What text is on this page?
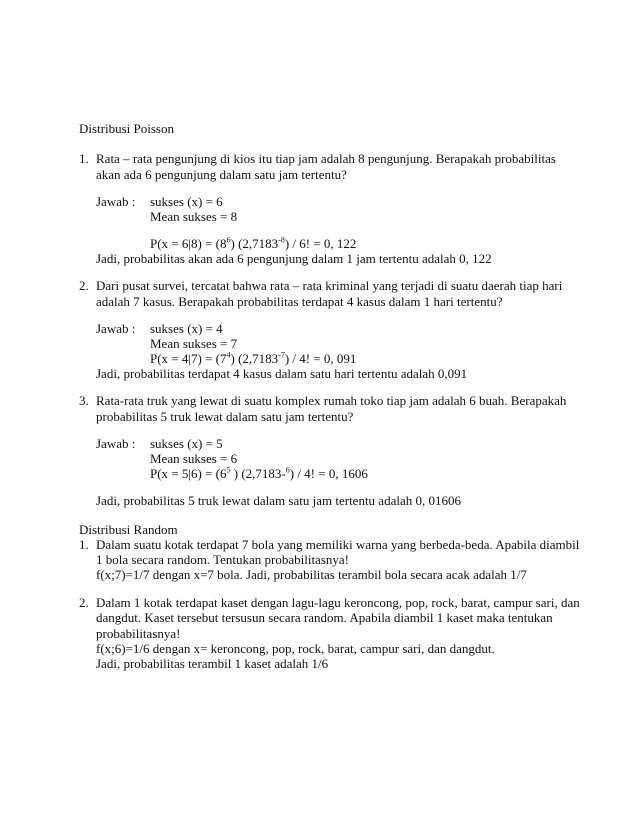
Distribusi Poisson
1. Rata – rata pengunjung di kios itu tiap jam adalah 8 pengunjung. Berapakah probabilitas
akan ada 6 pengunjung dalam satu jam tertentu?
Jawab : sukses (x) = 6
Mean sukses = 8
$P(x = 6|8) = (8^6)$ $(2,7183^{-8}) / 6$! = 0, 122
Jadi, probabilitas akan ada 6 pengunjung dalam 1 jam tertentu adalah 0, 122
2. Dari pusat survei, tercatat bahwa rata – rata kriminal yang terjadi di suatu daerah tiap hari
adalah 7 kasus. Berapakah probabilitas terdapat 4 kasus dalam 1 hari tertentu?
Jawab : sukses (x) = 4
Mean sukses = 7
$P(x = 4|7) = (7^4)$ $(2,7183^{-7}) / 4$! = 0, 091
Jadi, probabilitas terdapat 4 kasus dalam satu hari tertentu adalah 0,091
3. Rata-rata truk yang lewat di suatu komplex rumah toko tiap jam adalah 6 buah. Berapakah
probabilitas 5 truk lewat dalam satu jam tertentu?
Jawab : sukses (x) = 5
Mean sukses = 6
$P(x = 5|6) = (6^5$ ) (2,7183-$^6$) / 4! = 0, 1606
Jadi, probabilitas 5 truk lewat dalam satu jam tertentu adalah 0, 01606
Distribusi Random
1. Dalam suatu kotak terdapat 7 bola yang memiliki warna yang berbeda-beda. Apabila diambil
1 bola secara random. Tentukan probabilitasnya!
f(x;7)=1/7 dengan x=7 bola. Jadi, probabilitas terambil bola secara acak adalah 1/7
2. Dalam 1 kotak terdapat kaset dengan lagu-lagu keroncong, pop, rock, barat, campur sari, dan
dangdut. Kaset tersebut tersusun secara random. Apabila diambil 1 kaset maka tentukan
probabilitasnya!
f(x;6)=1/6 dengan x= keroncong, pop, rock, barat, campur sari, dan dangdut.
Jadi, probabilitas terambil 1 kaset adalah 1/6
